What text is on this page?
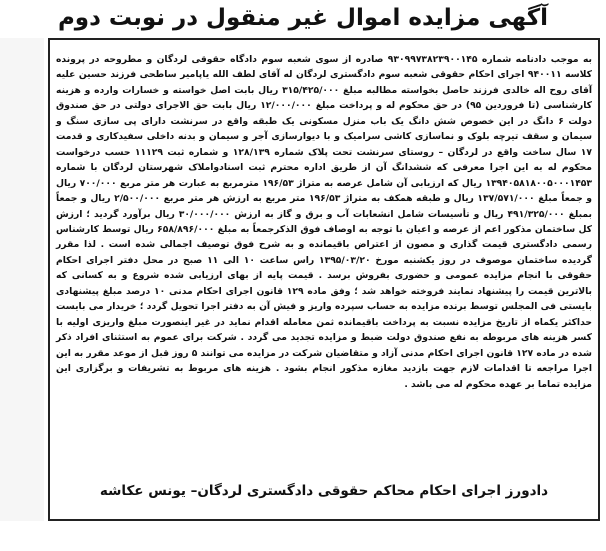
آگهی مزایده اموال غیر منقول در نوبت دوم
به موجب دادنامه شماره ۹۳۰۹۹۷۳۸۲۳۹۰۰۱۴۵ صادره از سوی شعبه سوم دادگاه حقوقی لردگان و مطروحه در پرونده کلاسه ۹۴۰۰۱۱ اجرای احکام حقوقی شعبه سوم دادگستری لردگان له آقای لطف الله یاپامیر ساطحی فرزند حسین علیه آقای روح اله خالدی فرزند حاصل بخواسته مطالبه مبلغ ۳۱۵/۴۲۵/۰۰۰ ریال بابت اصل خواسته و خسارات وارده و هزینه کارشناسی (تا فروردین ۹۵) در حق محکوم له و پرداخت مبلغ ۱۲/۰۰۰/۰۰۰ ریال بابت حق الاجرای دولتی در حق صندوق دولت ۶ دانگ در این خصوص شش دانگ یک باب منزل مسکونی یک طبقه واقع در سرنشت دارای پی سازی سنگ و سیمان و سقف تیرچه بلوک و نماسازی کاشی سرامیک و با دیوارسازی آجر و سیمان و بدنه داخلی سفیدکاری و قدمت ۱۷ سال ساخت واقع در لردگان – روستای سرنشت تحت پلاک شماره ۱۲۸/۱۳۹ و شماره ثبت ۱۱۱۲۹ حسب درخواست محکوم له به این اجرا معرفی که ششدانگ آن از طریق اداره محترم ثبت اسنادواملاک شهرستان لردگان با شماره ۱۳۹۴۰۵۸۱۸۰۰۵۰۰۰۱۴۵۳ ریال که ارزیابی آن شامل عرصه به متراژ ۱۹۶/۵۳ مترمربع به عبارت هر متر مربع ۷۰۰/۰۰۰ ریال و جمعاً مبلغ ۱۳۷/۵۷۱/۰۰۰ ریال و طبقه همکف به متراژ ۱۹۶/۵۳ متر مربع به ارزش هر متر مربع ۲/۵۰۰/۰۰۰ ریال و جمعاً بمبلغ ۴۹۱/۳۲۵/۰۰۰ ریال و تأسیسات شامل انشعابات آب و برق و گاز به ارزش ۳۰/۰۰۰/۰۰۰ ریال برآورد گردید ؛ ارزش کل ساختمان مذکور اعم از عرصه و اعیان با توجه به اوصاف فوق الذکرجمعاً به مبلغ ۶۵۸/۸۹۶/۰۰۰ ریال توسط کارشناس رسمی دادگستری قیمت گذاری و مصون از اعتراض باقیمانده و به شرح فوق توصیف اجمالی شده است . لذا مقرر گردیده ساختمان موصوف در روز یکشنبه مورخ ۱۳۹۵/۰۳/۲۰ راس ساعت ۱۰ الی ۱۱ صبح در محل دفتر اجرای احکام حقوقی با انجام مزایده عمومی و حضوری بفروش برسد . قیمت پایه از بهای ارزیابی شده شروع و به کسانی که بالاترین قیمت را پیشنهاد نمایند فروخته خواهد شد ؛ وفق ماده ۱۲۹ قانون اجرای احکام مدنی ۱۰ درصد مبلغ پیشنهادی بایستی فی المجلس توسط برنده مزایده به حساب سپرده واریز و فیش آن به دفتر اجرا تحویل گردد ؛ خریدار می بایست حداکثر یکماه از تاریخ مزایده نسبت به پرداخت باقیمانده ثمن معامله اقدام نماید در غیر اینصورت مبلغ واریزی اولیه با کسر هزینه های مربوطه به نفع صندوق دولت ضبط و مزایده تجدید می گردد . شرکت برای عموم به استثنای افراد ذکر شده در ماده ۱۲۷ قانون اجرای احکام مدنی آزاد و متقاضیان شرکت در مزایده می توانند ۵ روز قبل از موعد مقرر به این اجرا مراجعه تا اقدامات لازم جهت بازدید مغازه مذکور انجام بشود . هزینه های مربوط به تشریفات و برگزاری این مزایده تماما بر عهده محکوم له می باشد .
دادورز اجرای احکام محاکم حقوقی دادگستری لردگان– یونس عکاشه
